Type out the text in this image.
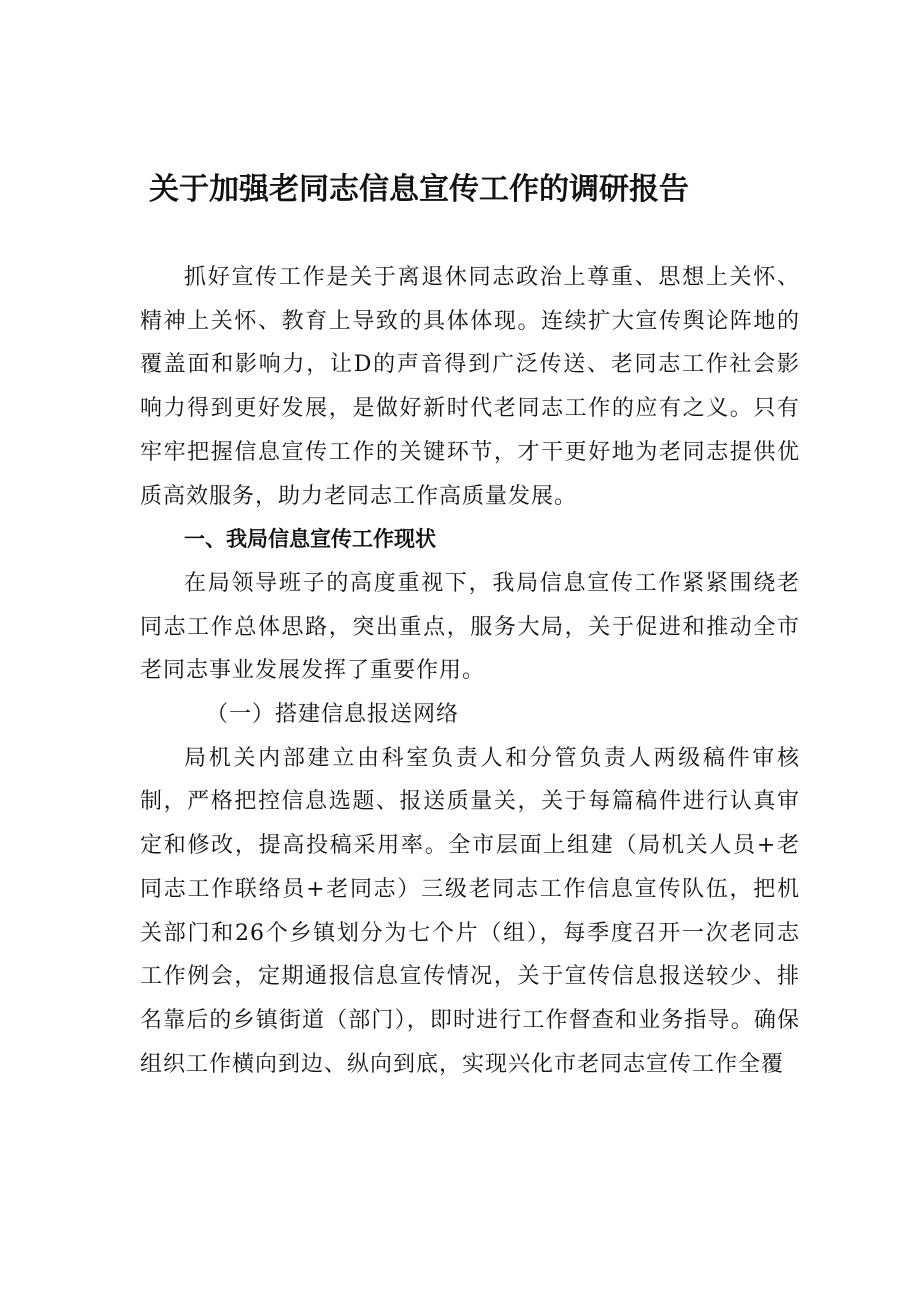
关于加强老同志信息宣传工作的调研报告

抓好宣传工作是关于离退休同志政治上尊重、思想上关怀、精神上关怀、教育上导致的具体体现。连续扩大宣传舆论阵地的覆盖面和影响力，让D的声音得到广泛传送、老同志工作社会影响力得到更好发展，是做好新时代老同志工作的应有之义。只有牢牢把握信息宣传工作的关键环节，才干更好地为老同志提供优质高效服务，助力老同志工作高质量发展。

一、我局信息宣传工作现状

在局领导班子的高度重视下，我局信息宣传工作紧紧围绕老同志工作总体思路，突出重点，服务大局，关于促进和推动全市老同志事业发展发挥了重要作用。

（一）搭建信息报送网络

局机关内部建立由科室负责人和分管负责人两级稿件审核制，严格把控信息选题、报送质量关，关于每篇稿件进行认真审定和修改，提高投稿采用率。全市层面上组建（局机关人员+老同志工作联络员+老同志）三级老同志工作信息宣传队伍，把机关部门和26个乡镇划分为七个片（组），每季度召开一次老同志工作例会，定期通报信息宣传情况，关于宣传信息报送较少、排名靠后的乡镇街道（部门），即时进行工作督查和业务指导。确保组织工作横向到边、纵向到底，实现兴化市老同志宣传工作全覆
